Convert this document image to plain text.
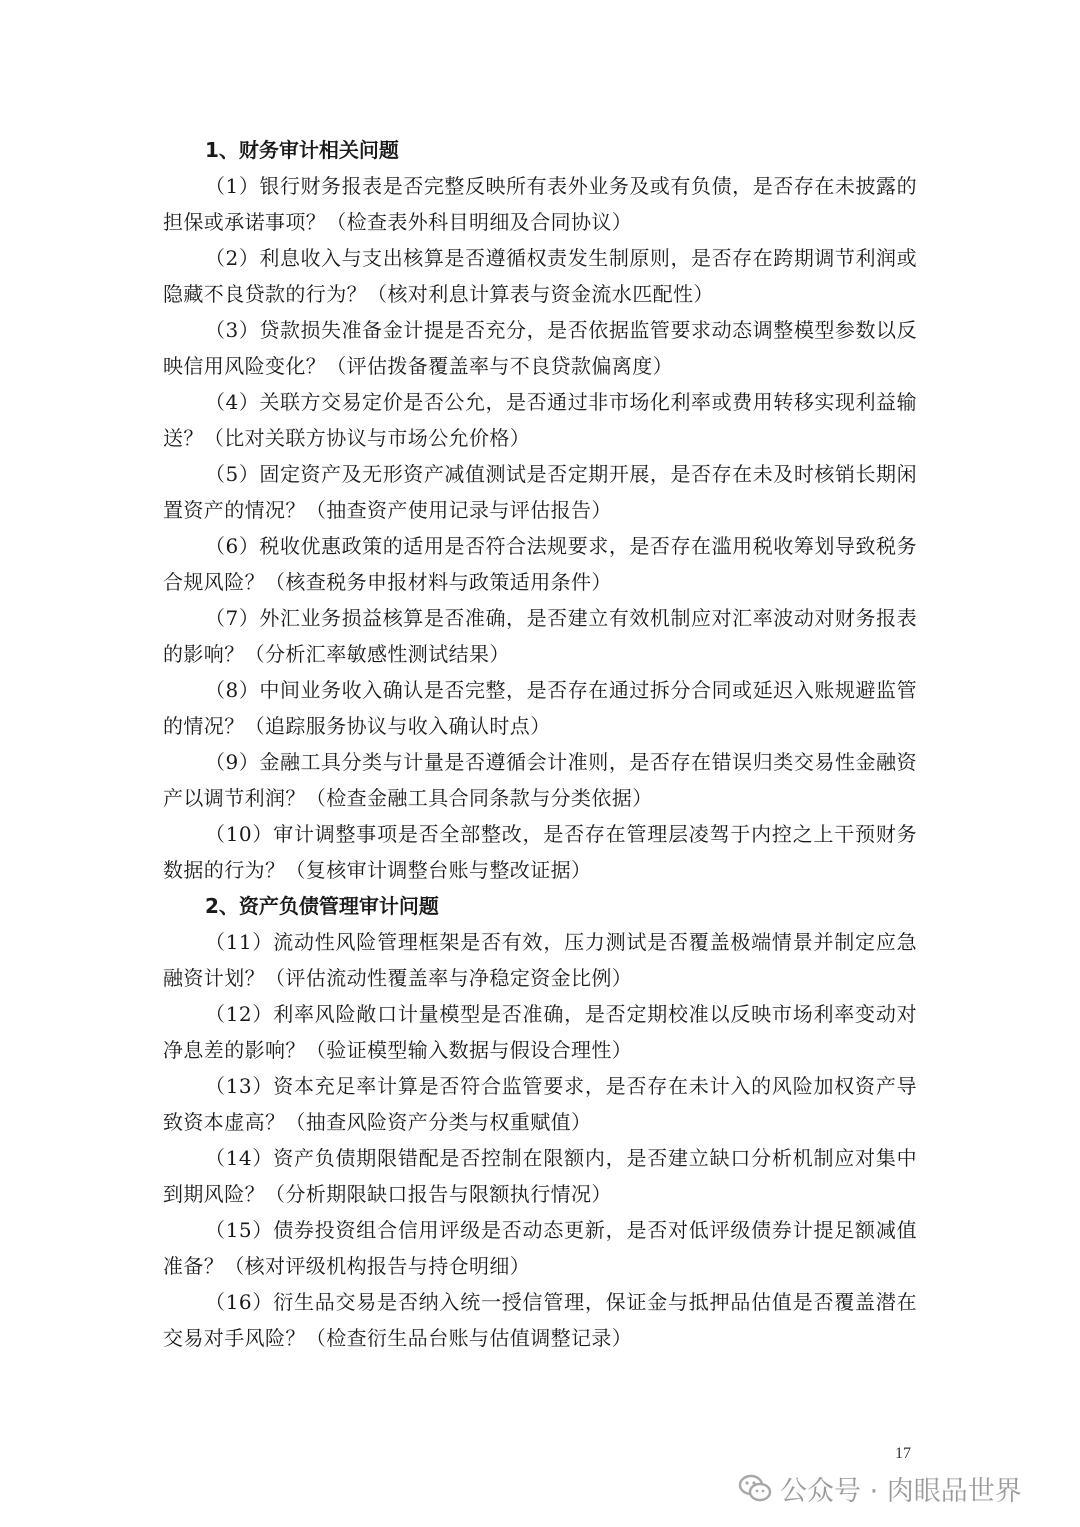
1、财务审计相关问题

（1）银行财务报表是否完整反映所有表外业务及或有负债，是否存在未披露的担保或承诺事项？（检查表外科目明细及合同协议）

（2）利息收入与支出核算是否遵循权责发生制原则，是否存在跨期调节利润或隐藏不良贷款的行为？（核对利息计算表与资金流水匹配性）

（3）贷款损失准备金计提是否充分，是否依据监管要求动态调整模型参数以反映信用风险变化？（评估拨备覆盖率与不良贷款偏离度）

（4）关联方交易定价是否公允，是否通过非市场化利率或费用转移实现利益输送？（比对关联方协议与市场公允价格）

（5）固定资产及无形资产减值测试是否定期开展，是否存在未及时核销长期闲置资产的情况？（抽查资产使用记录与评估报告）

（6）税收优惠政策的适用是否符合法规要求，是否存在滥用税收筹划导致税务合规风险？（核查税务申报材料与政策适用条件）

（7）外汇业务损益核算是否准确，是否建立有效机制应对汇率波动对财务报表的影响？（分析汇率敏感性测试结果）

（8）中间业务收入确认是否完整，是否存在通过拆分合同或延迟入账规避监管的情况？（追踪服务协议与收入确认时点）

（9）金融工具分类与计量是否遵循会计准则，是否存在错误归类交易性金融资产以调节利润？（检查金融工具合同条款与分类依据）

（10）审计调整事项是否全部整改，是否存在管理层凌驾于内控之上干预财务数据的行为？（复核审计调整台账与整改证据）

2、资产负债管理审计问题

（11）流动性风险管理框架是否有效，压力测试是否覆盖极端情景并制定应急融资计划？（评估流动性覆盖率与净稳定资金比例）

（12）利率风险敞口计量模型是否准确，是否定期校准以反映市场利率变动对净息差的影响？（验证模型输入数据与假设合理性）

（13）资本充足率计算是否符合监管要求，是否存在未计入的风险加权资产导致资本虚高？（抽查风险资产分类与权重赋值）

（14）资产负债期限错配是否控制在限额内，是否建立缺口分析机制应对集中到期风险？（分析期限缺口报告与限额执行情况）

（15）债券投资组合信用评级是否动态更新，是否对低评级债券计提足额减值准备？（核对评级机构报告与持仓明细）

（16）衍生品交易是否纳入统一授信管理，保证金与抵押品估值是否覆盖潜在交易对手风险？（检查衍生品台账与估值调整记录）

17
公众号 · 肉眼品世界
